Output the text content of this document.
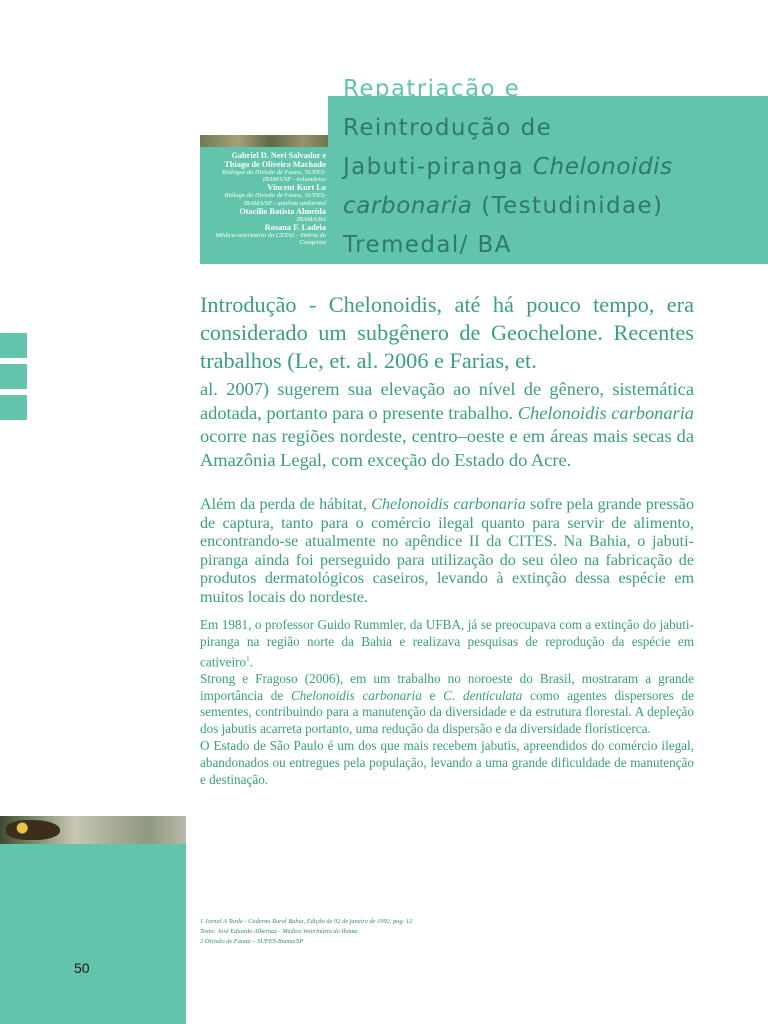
Gabriel D. Neri Salvador e
Thiago de Oliveira Machado
Biólogos da Divisão de Fauna, SUPES-IBAMA/SP - voluntários
Vincent Kurt Lo
Biólogo da Divisão de Fauna, SUPES-IBAMA/SP - analista ambiental
Otacílio Batista Almeida
IBAMA/BA
Rosana F. Ladeia
Médica-veterinária do CETAS - Vitória da Conquista
Repatriação e
Reintrodução de
Jabuti-piranga Chelonoidis
carbonaria (Testudinidae)
Tremedal/ BA

Introdução - Chelonoidis, até há pouco tempo, era considerado um subgênero de Geochelone. Recentes trabalhos (Le, et. al. 2006 e Farias, et.

al. 2007) sugerem sua elevação ao nível de gênero, sistemática adotada, portanto para o presente trabalho. Chelonoidis carbonaria ocorre nas regiões nordeste, centro–oeste e em áreas mais secas da Amazônia Legal, com exceção do Estado do Acre.

Além da perda de hábitat, Chelonoidis carbonaria sofre pela grande pressão de captura, tanto para o comércio ilegal quanto para servir de alimento, encontrando-se atualmente no apêndice II da CITES. Na Bahia, o jabuti-piranga ainda foi perseguido para utilização do seu óleo na fabricação de produtos dermatológicos caseiros, levando à extinção dessa espécie em muitos locais do nordeste.

Em 1981, o professor Guido Rummler, da UFBA, já se preocupava com a extinção do jabuti-piranga na região norte da Bahia e realizava pesquisas de reprodução da espécie em cativeiro$^1$.
Strong e Fragoso (2006), em um trabalho no noroeste do Brasil, mostraram a grande importância de Chelonoidis carbonaria e C. denticulata como agentes dispersores de sementes, contribuindo para a manutenção da diversidade e da estrutura florestal. A depleção dos jabutis acarreta portanto, uma redução da dispersão e da diversidade florísticerca.
O Estado de São Paulo é um dos que mais recebem jabutis, apreendidos do comércio ilegal, abandonados ou entregues pela população, levando a uma grande dificuldade de manutenção e destinação.

1 Jornal A Tarde - Caderno Rural Bahia, Edição de 02 de janeiro de 1992, pag. 12

Texto: José Eduardo Albernaz - Médico Veterinário do Ibama

2 Divisão de Fauna – SUPES-Ibama/SP

50
